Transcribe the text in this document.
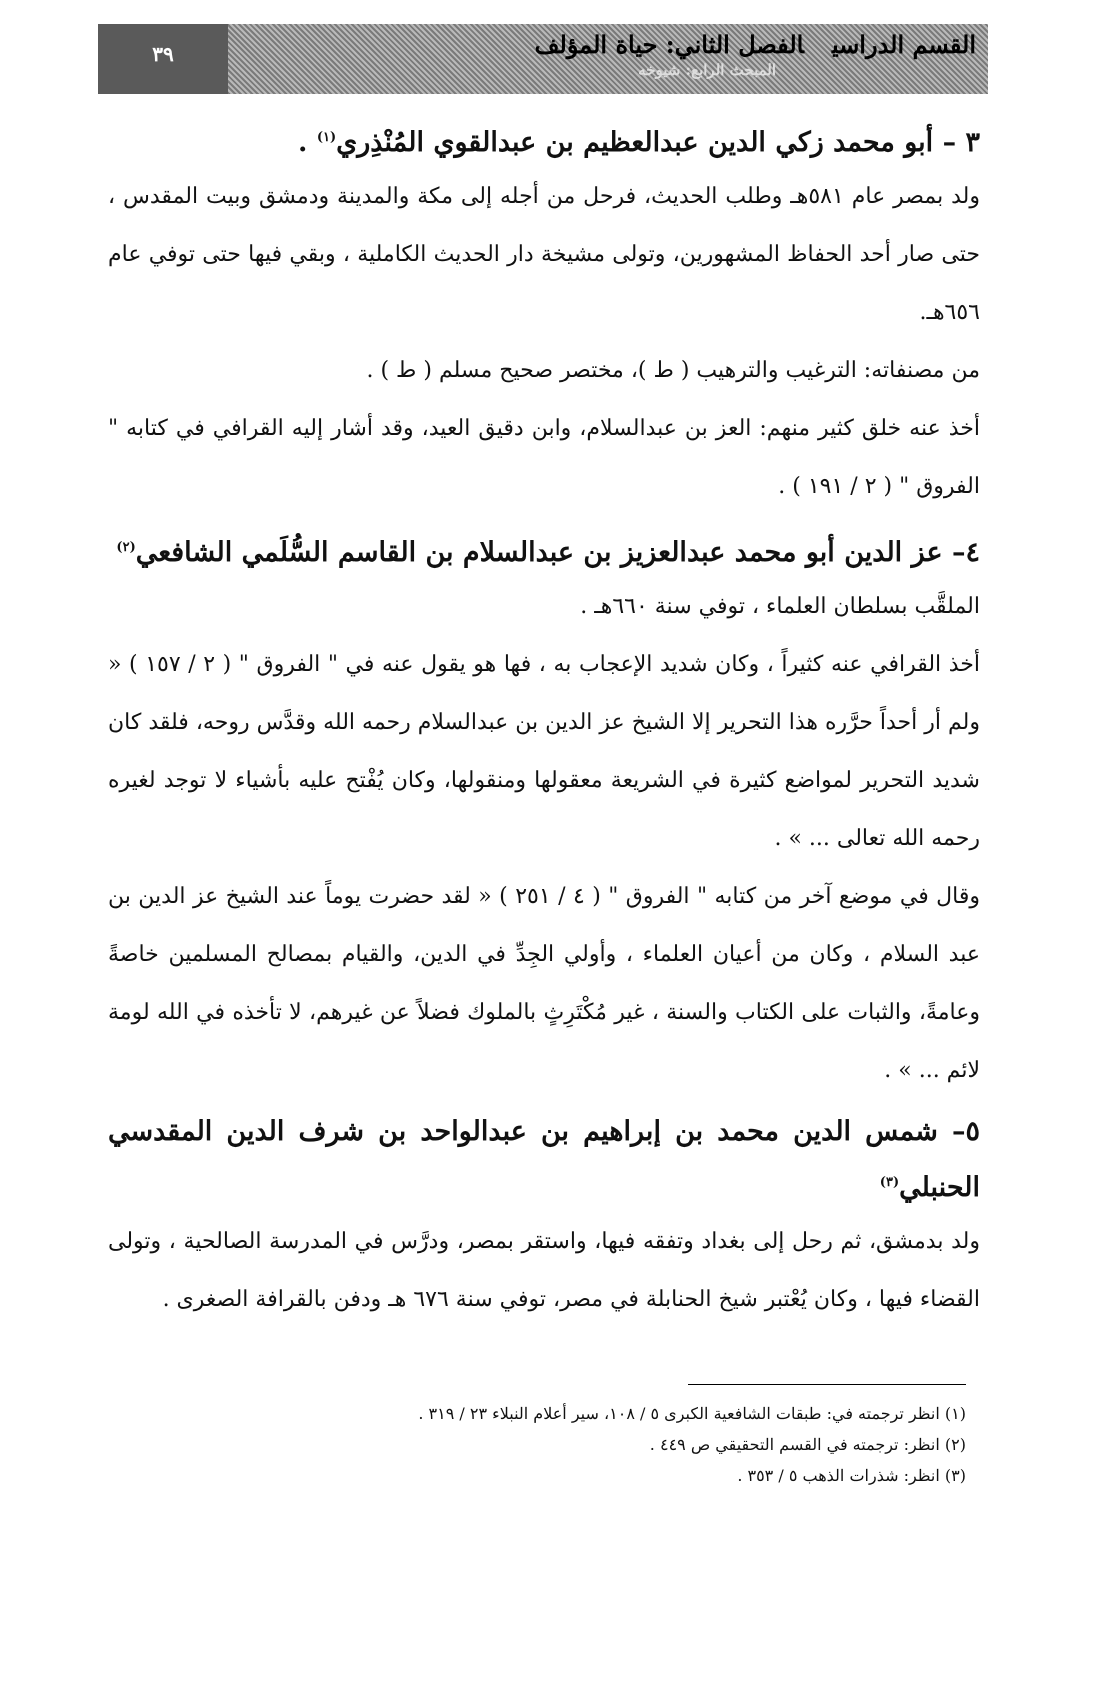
٣٩	القسم الدراسيالفصل الثاني: حياة المؤلف
المبحث الرابع: شيوخه

٣ – أبو محمد زكي الدين عبدالعظيم بن عبدالقوي المُنْذِري$^{(١)}$ .

ولد بمصر عام ٥٨١هـ وطلب الحديث، فرحل من أجله إلى مكة والمدينة ودمشق وبيت المقدس ، حتى صار أحد الحفاظ المشهورين، وتولى مشيخة دار الحديث الكاملية ، وبقي فيها حتى توفي عام ٦٥٦هـ.

من مصنفاته: الترغيب والترهيب ( ط )، مختصر صحيح مسلم ( ط ) .

أخذ عنه خلق كثير منهم: العز بن عبدالسلام، وابن دقيق العيد، وقد أشار إليه القرافي في كتابه " الفروق " ( ٢ / ١٩١ ) .

٤– عز الدين أبو محمد عبدالعزيز بن عبدالسلام بن القاسم السُّلَمي الشافعي$^{(٢)}$

الملقَّب بسلطان العلماء ، توفي سنة ٦٦٠هـ .

أخذ القرافي عنه كثيراً ، وكان شديد الإعجاب به ، فها هو يقول عنه في " الفروق " ( ٢ / ١٥٧ ) « ولم أر أحداً حرَّره هذا التحرير إلا الشيخ عز الدين بن عبدالسلام رحمه الله وقدَّس روحه، فلقد كان شديد التحرير لمواضع كثيرة في الشريعة معقولها ومنقولها، وكان يُفْتح عليه بأشياء لا توجد لغيره رحمه الله تعالى ... » .

وقال في موضع آخر من كتابه " الفروق " ( ٤ / ٢٥١ ) « لقد حضرت يوماً عند الشيخ عز الدين بن عبد السلام ، وكان من أعيان العلماء ، وأولي الجِدِّ في الدين، والقيام بمصالح المسلمين خاصةً وعامةً، والثبات على الكتاب والسنة ، غير مُكْتَرِثٍ بالملوك فضلاً عن غيرهم، لا تأخذه في الله لومة لائم ... » .

٥– شمس الدين محمد بن إبراهيم بن عبدالواحد بن شرف الدين المقدسي الحنبلي$^{(٣)}$

ولد بدمشق، ثم رحل إلى بغداد وتفقه فيها، واستقر بمصر، ودرَّس في المدرسة الصالحية ، وتولى القضاء فيها ، وكان يُعْتبر شيخ الحنابلة في مصر، توفي سنة ٦٧٦ هـ ودفن بالقرافة الصغرى .

(١) انظر ترجمته في: طبقات الشافعية الكبرى ٥ / ١٠٨، سير أعلام النبلاء ٢٣ / ٣١٩ .

(٢) انظر: ترجمته في القسم التحقيقي ص ٤٤٩ .

(٣) انظر: شذرات الذهب ٥ / ٣٥٣ .
